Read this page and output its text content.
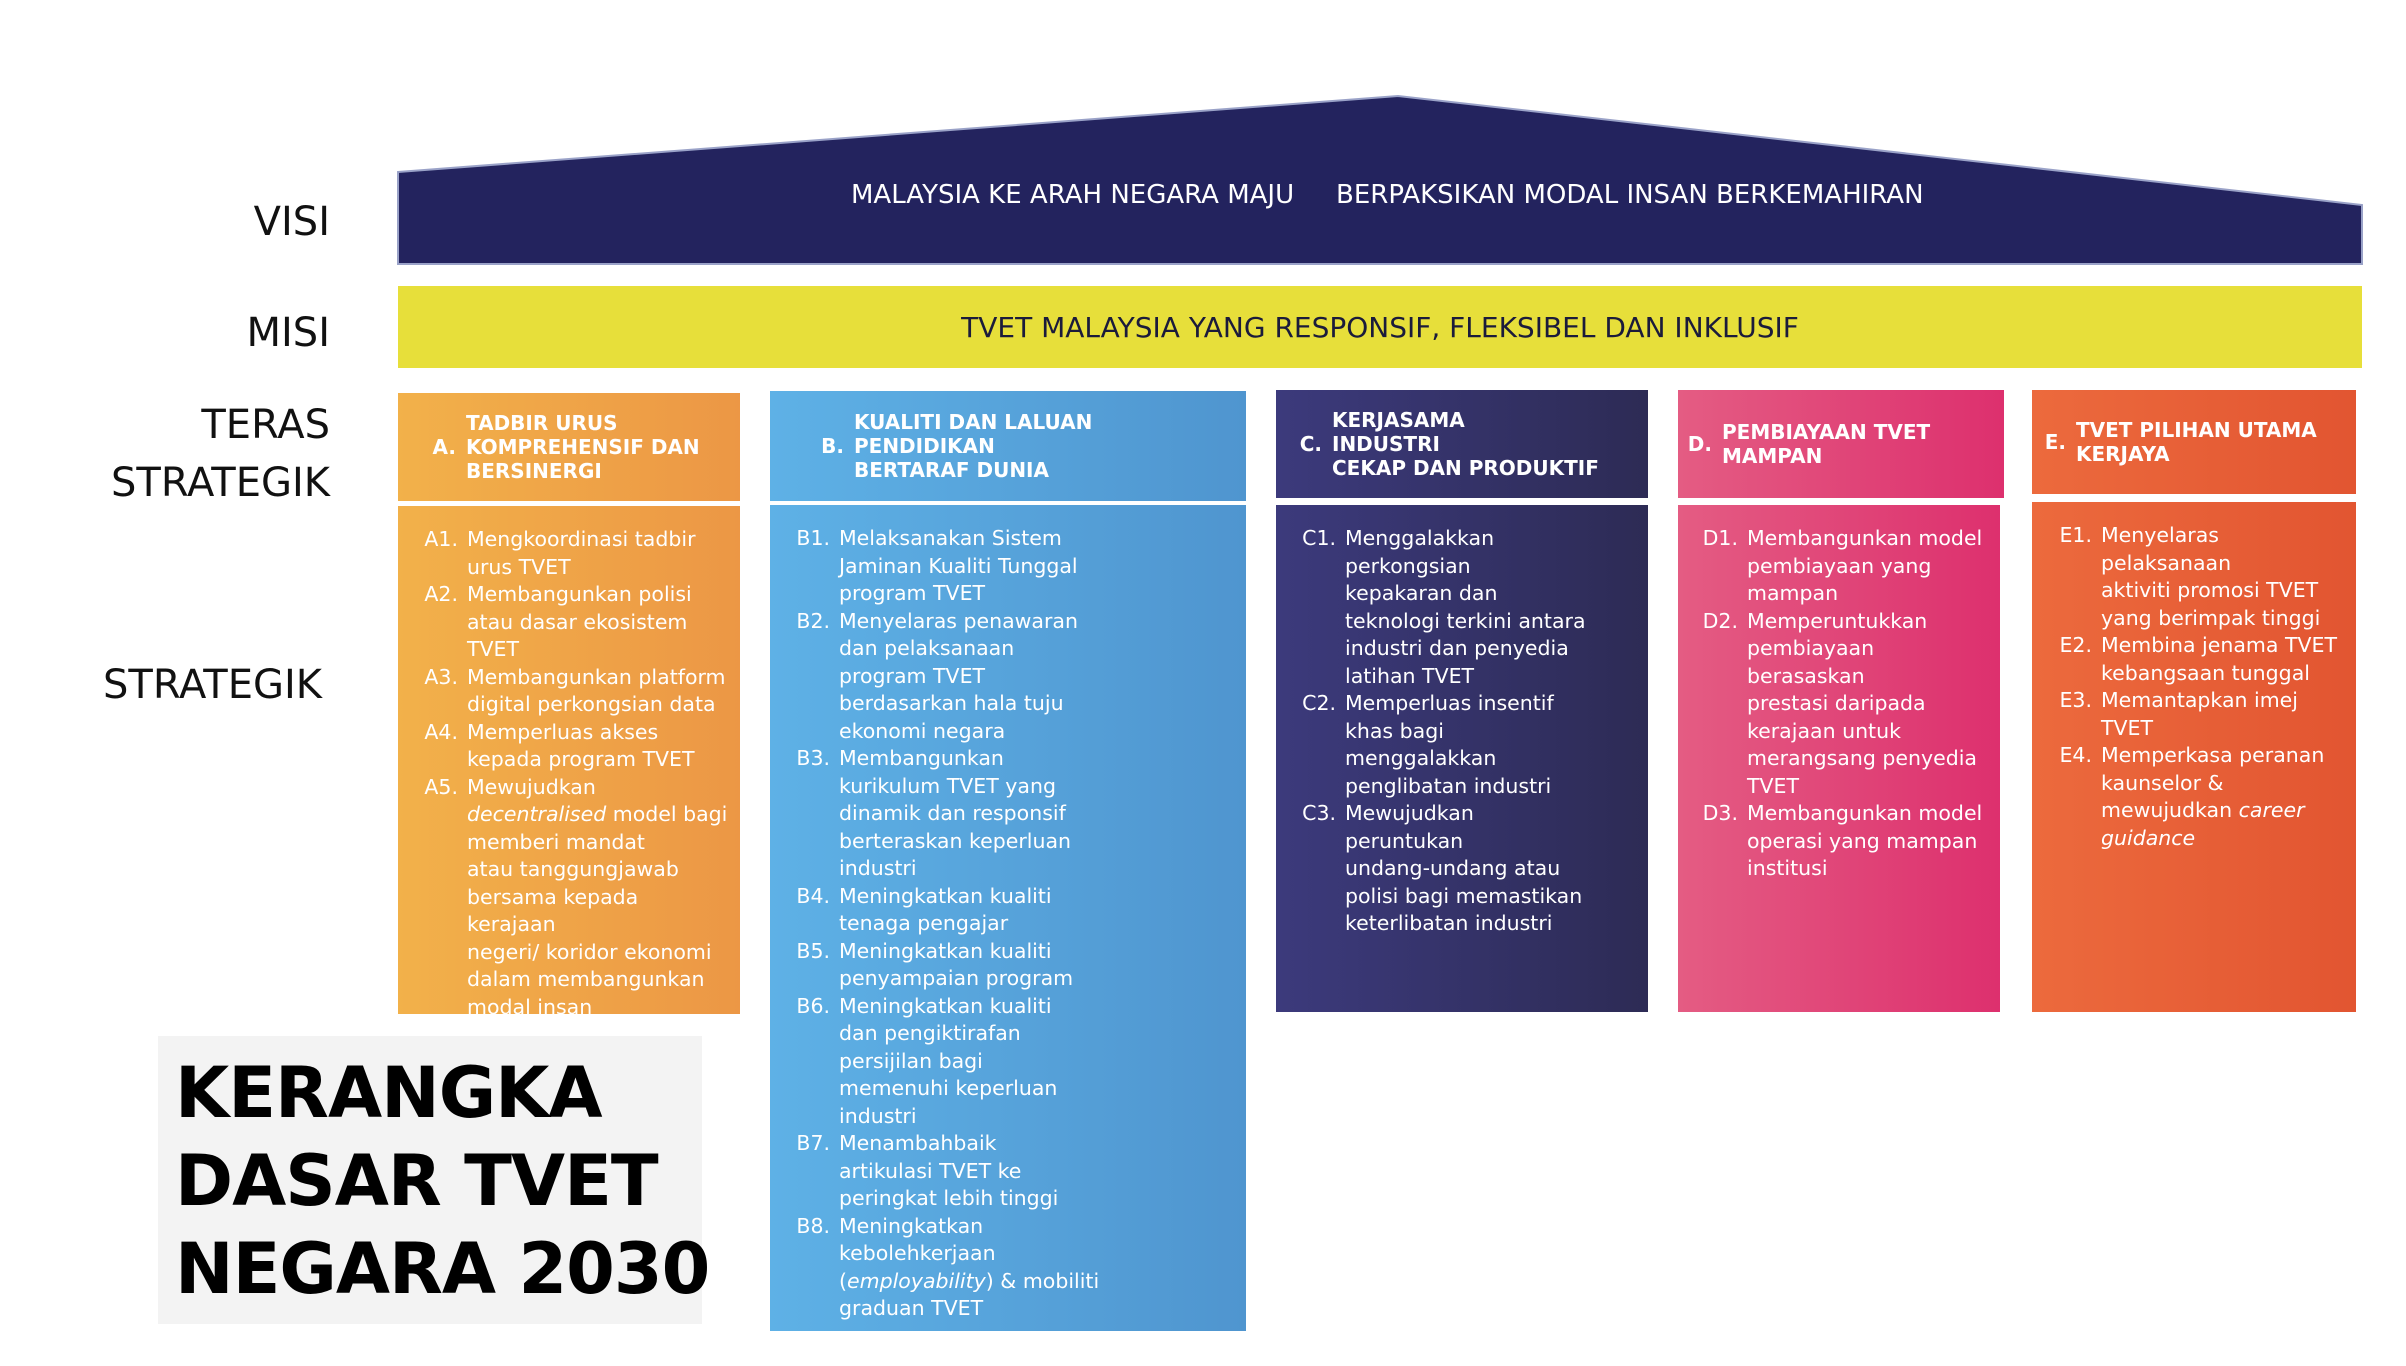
MALAYSIA KE ARAH NEGARA MAJU BERPAKSIKAN MODAL INSAN BERKEMAHIRAN
VISI
MISI
TERAS
STRATEGIK
STRATEGIK
TVET MALAYSIA YANG RESPONSIF, FLEKSIBEL DAN INKLUSIF
A.
TADBIR URUS
KOMPREHENSIF DAN
BERSINERGI

A1. Mengkoordinasi tadbir
urus TVET

A2. Membangunkan polisi
atau dasar ekosistem
TVET

A3. Membangunkan platform
digital perkongsian data

A4. Memperluas akses
kepada program TVET

A5. Mewujudkan
decentralised model bagi
memberi mandat
atau tanggungjawab
bersama kepada kerajaan
negeri/ koridor ekonomi
dalam membangunkan
modal insan

B.
KUALITI DAN LALUAN
PENDIDIKAN
BERTARAF DUNIA

B1. Melaksanakan Sistem
Jaminan Kualiti Tunggal
program TVET

B2. Menyelaras penawaran
dan pelaksanaan
program TVET
berdasarkan hala tuju
ekonomi negara

B3. Membangunkan
kurikulum TVET yang
dinamik dan responsif
berteraskan keperluan
industri

B4. Meningkatkan kualiti
tenaga pengajar

B5. Meningkatkan kualiti
penyampaian program

B6. Meningkatkan kualiti
dan pengiktirafan
persijilan bagi
memenuhi keperluan
industri

B7. Menambahbaik
artikulasi TVET ke
peringkat lebih tinggi

B8. Meningkatkan
kebolehkerjaan
(employability) & mobiliti
graduan TVET

C.
KERJASAMA
INDUSTRI
CEKAP DAN PRODUKTIF

C1. Menggalakkan
perkongsian
kepakaran dan
teknologi terkini antara
industri dan penyedia
latihan TVET

C2. Memperluas insentif
khas bagi
menggalakkan
penglibatan industri

C3. Mewujudkan
peruntukan
undang-undang atau
polisi bagi memastikan
keterlibatan industri

D. PEMBIAYAAN TVET
MAMPAN

D1. Membangunkan model
pembiayaan yang
mampan

D2. Memperuntukkan
pembiayaan
berasaskan
prestasi daripada
kerajaan untuk
merangsang penyedia
TVET

D3. Membangunkan model
operasi yang mampan
institusi

E. TVET PILIHAN UTAMA
KERJAYA

E1. Menyelaras
pelaksanaan
aktiviti promosi TVET
yang berimpak tinggi

E2. Membina jenama TVET
kebangsaan tunggal

E3. Memantapkan imej
TVET

E4. Memperkasa peranan
kaunselor &
mewujudkan career
guidance

KERANGKA
DASAR TVET
NEGARA 2030
